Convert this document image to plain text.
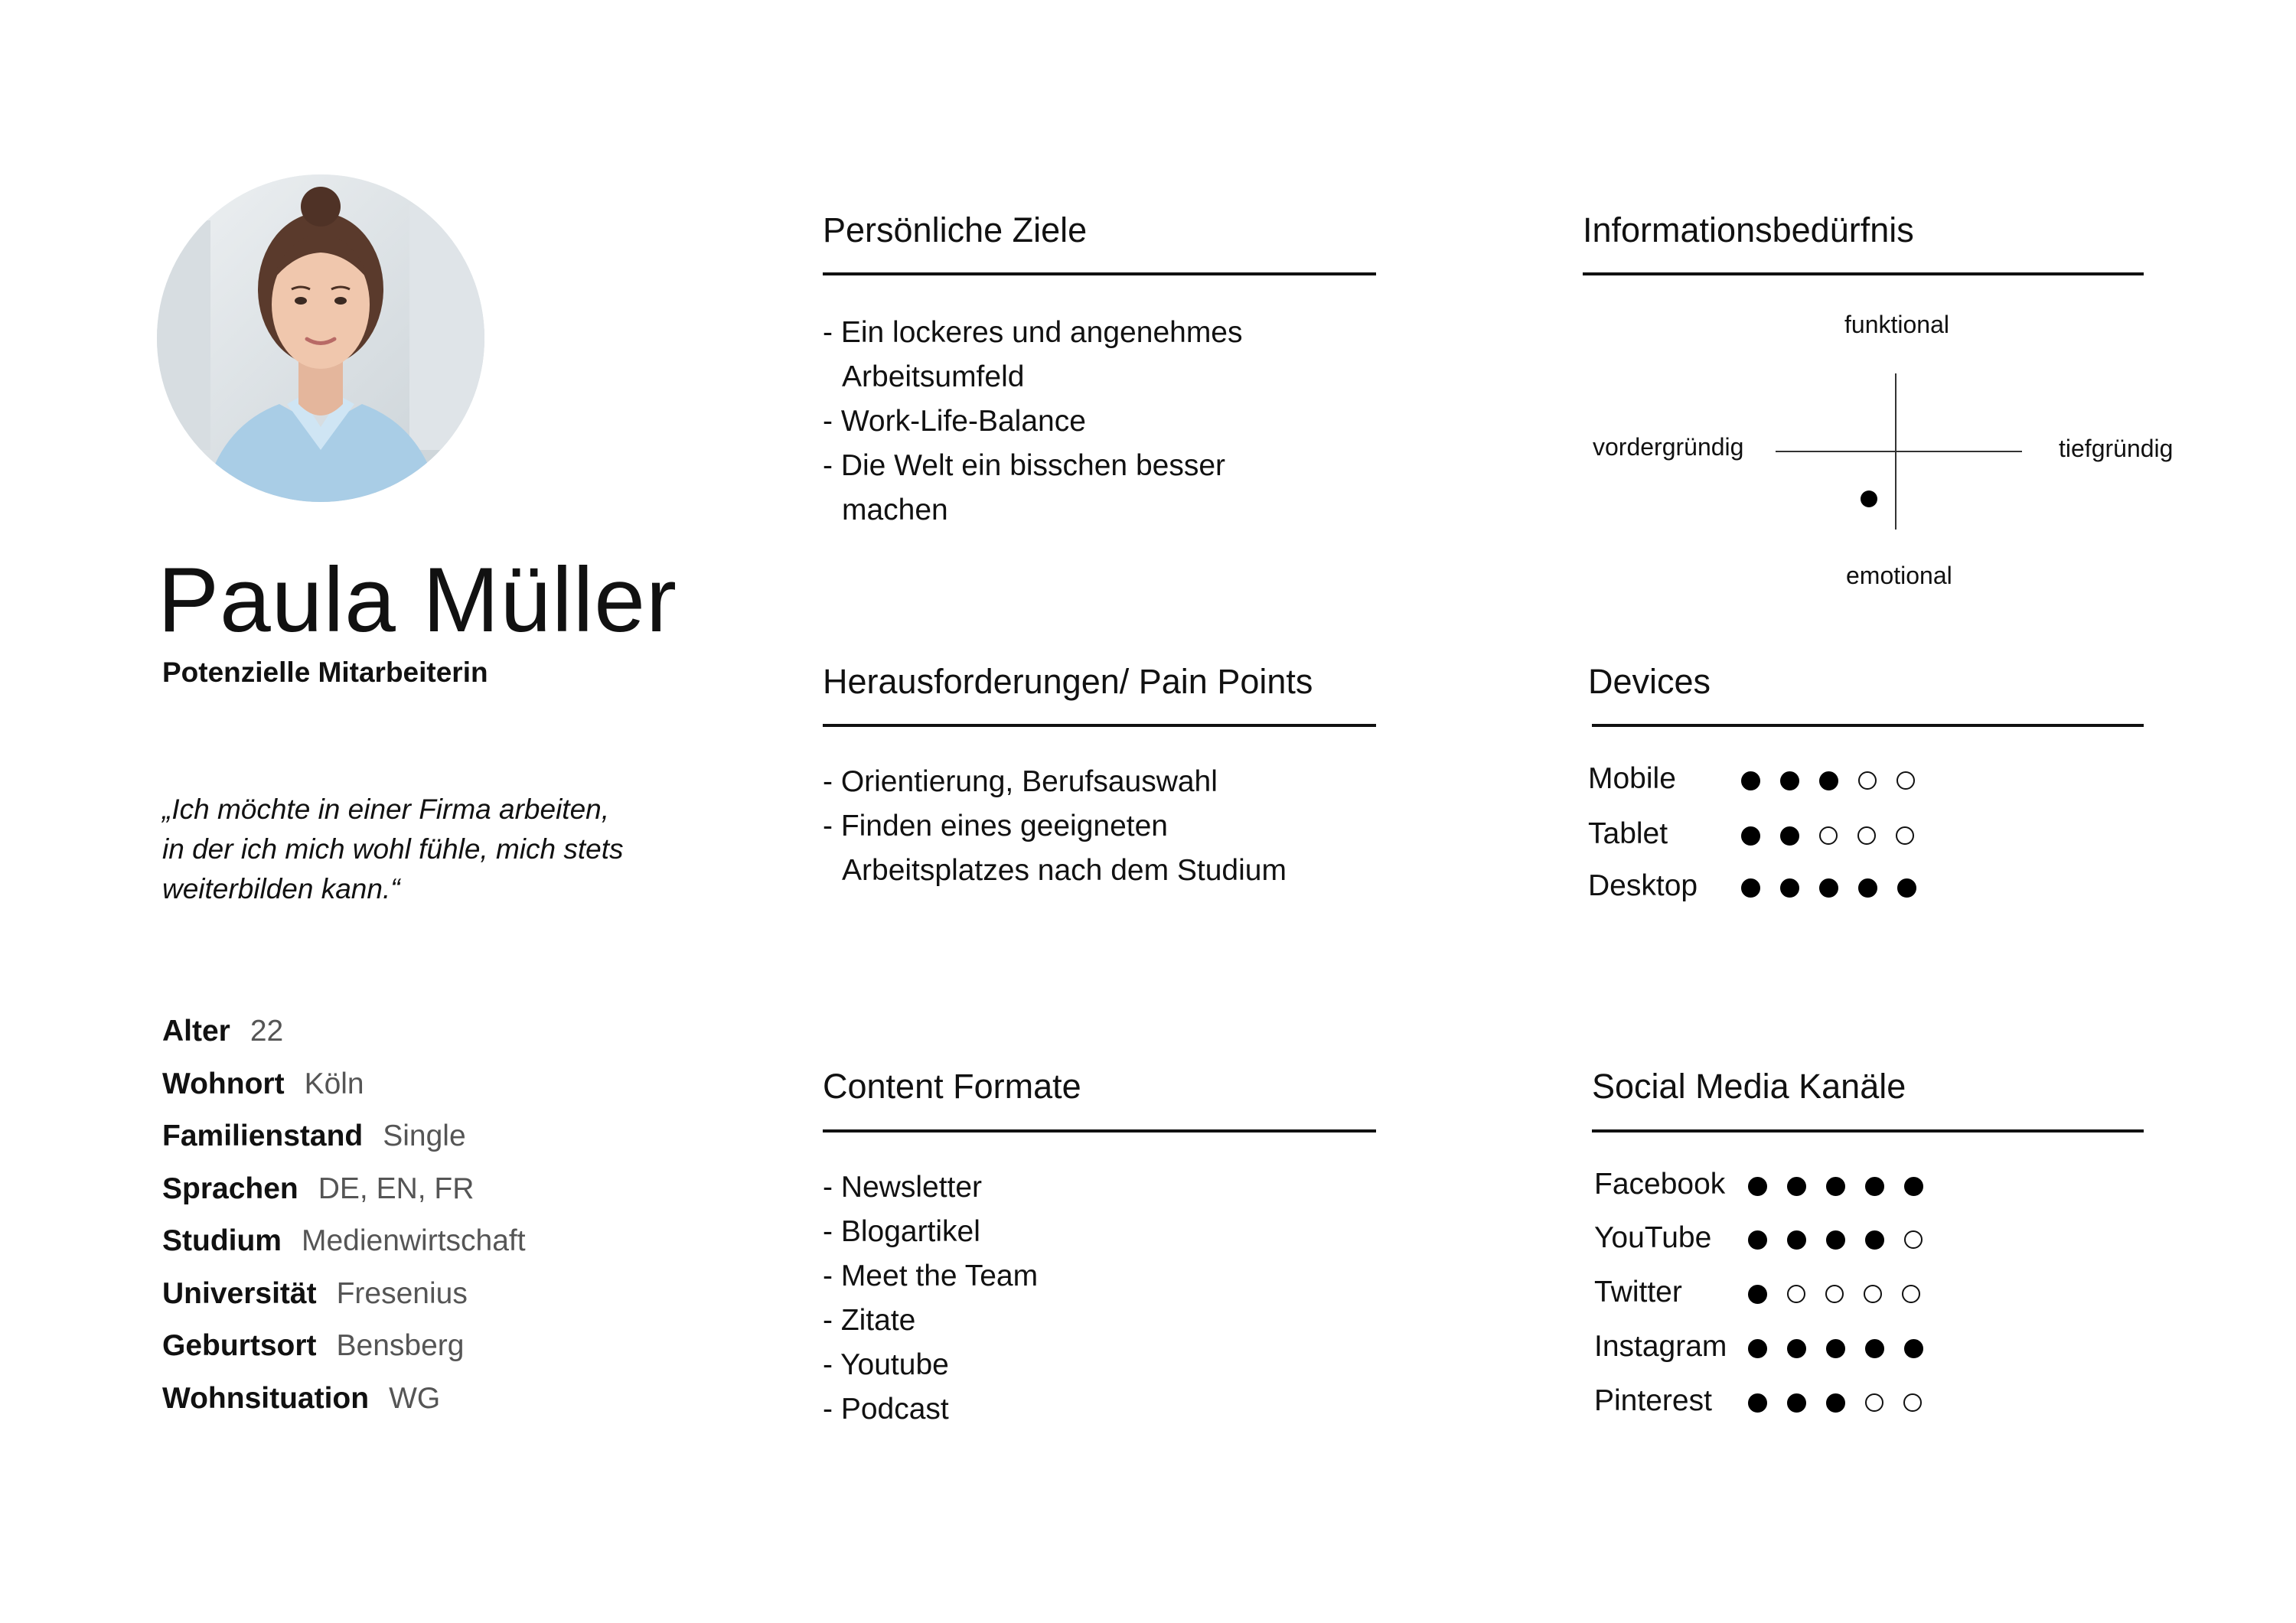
Paula Müller
Potenzielle Mitarbeiterin
„Ich möchte in einer Firma arbeiten,
in der ich mich wohl fühle, mich stets
weiterbilden kann.“
Alter 22
Wohnort Köln
Familienstand Single
Sprachen DE, EN, FR
Studium Medienwirtschaft
Universität Fresenius
Geburtsort Bensberg
Wohnsituation WG
Persönliche Ziele
- Ein lockeres und angenehmes Arbeitsumfeld
- Work-Life-Balance
- Die Welt ein bisschen besser machen
Herausforderungen/ Pain Points
- Orientierung, Berufsauswahl
- Finden eines geeigneten Arbeitsplatzes nach dem Studium
Content Formate
- Newsletter
- Blogartikel
- Meet the Team
- Zitate
- Youtube
- Podcast
Informationsbedürfnis
funktional
emotional
vordergründig	tiefgründig
Devices
Mobile
Tablet
Desktop
Social Media Kanäle
Facebook
YouTube
Twitter
Instagram
Pinterest
